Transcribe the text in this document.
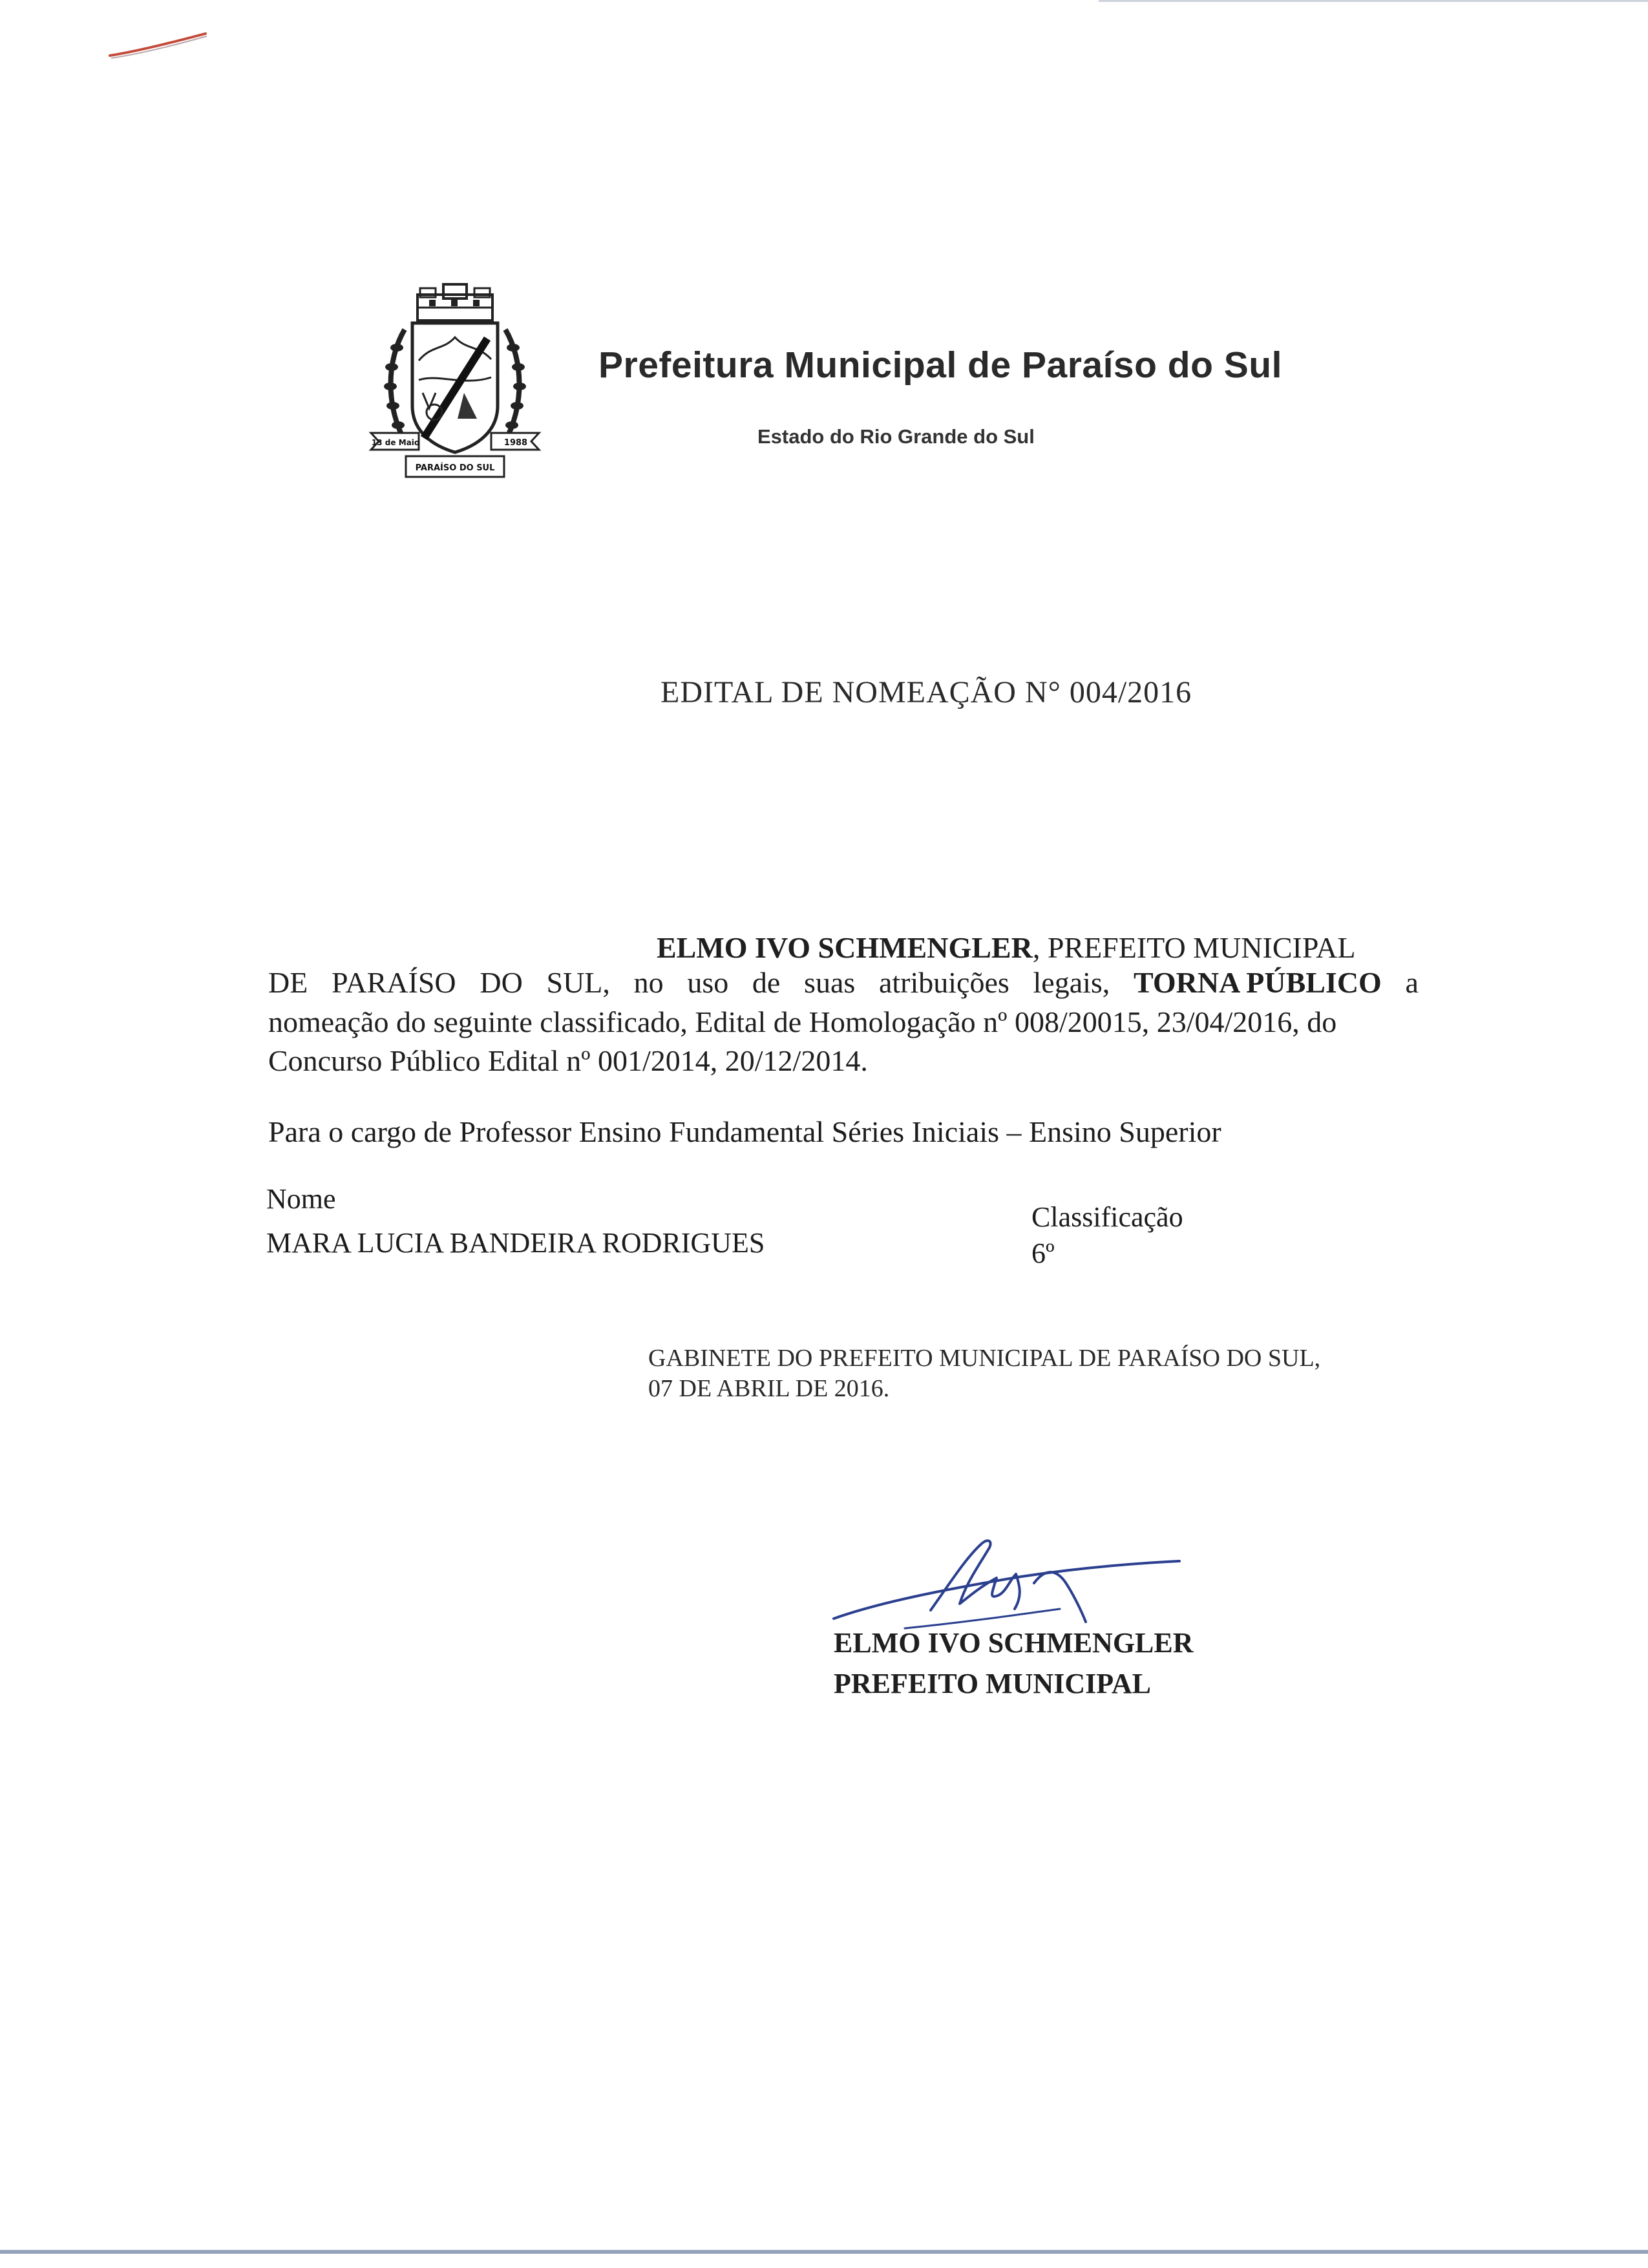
13 de Maio	1988
PARAÍSO DO SUL
Prefeitura Municipal de Paraíso do Sul
Estado do Rio Grande do Sul
EDITAL DE NOMEAÇÃO N° 004/2016
ELMO IVO SCHMENGLER, PREFEITO MUNICIPAL
DE PARAÍSO DO SUL, no uso de suas atribuições legais, TORNA PÚBLICO a
nomeação do seguinte classificado, Edital de Homologação nº 008/20015, 23/04/2016, do
Concurso Público Edital nº 001/2014, 20/12/2014.
Para o cargo de Professor Ensino Fundamental Séries Iniciais – Ensino Superior
Nome
MARA LUCIA BANDEIRA RODRIGUES
Classificação
6º
GABINETE DO PREFEITO MUNICIPAL DE PARAÍSO DO SUL,
07 DE ABRIL DE 2016.
ELMO IVO SCHMENGLER
PREFEITO MUNICIPAL
